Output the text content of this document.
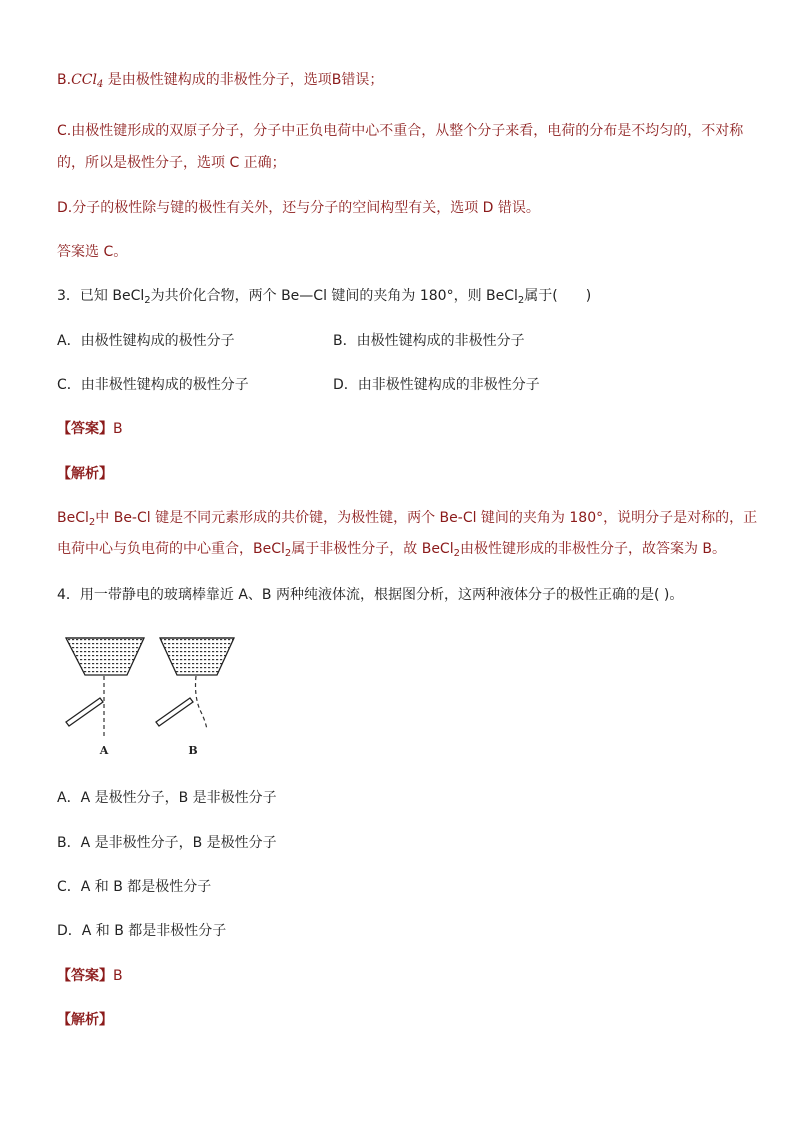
B.CCl$_4$ 是由极性键构成的非极性分子，选项B错误；
C.由极性键形成的双原子分子，分子中正负电荷中心不重合，从整个分子来看，电荷的分布是不均匀的，不对称
的，所以是极性分子，选项 C 正确；
D.分子的极性除与键的极性有关外，还与分子的空间构型有关，选项 D 错误。
答案选 C。
3．已知 BeCl$_2$为共价化合物，两个 Be—Cl 键间的夹角为 180°，则 BeCl$_2$属于(　　)
A．由极性键构成的极性分子	B．由极性键构成的非极性分子
C．由非极性键构成的极性分子	D．由非极性键构成的非极性分子
【答案】B
【解析】
BeCl$_2$中 Be-Cl 键是不同元素形成的共价键，为极性键，两个 Be-Cl 键间的夹角为 180°，说明分子是对称的，正
电荷中心与负电荷的中心重合，BeCl$_2$属于非极性分子，故 BeCl$_2$由极性键形成的非极性分子，故答案为 B。
4．用一带静电的玻璃棒靠近 A、B 两种纯液体流，根据图分析，这两种液体分子的极性正确的是( )。
A	B
A．A 是极性分子，B 是非极性分子
B．A 是非极性分子，B 是极性分子
C．A 和 B 都是极性分子
D．A 和 B 都是非极性分子
【答案】B
【解析】
